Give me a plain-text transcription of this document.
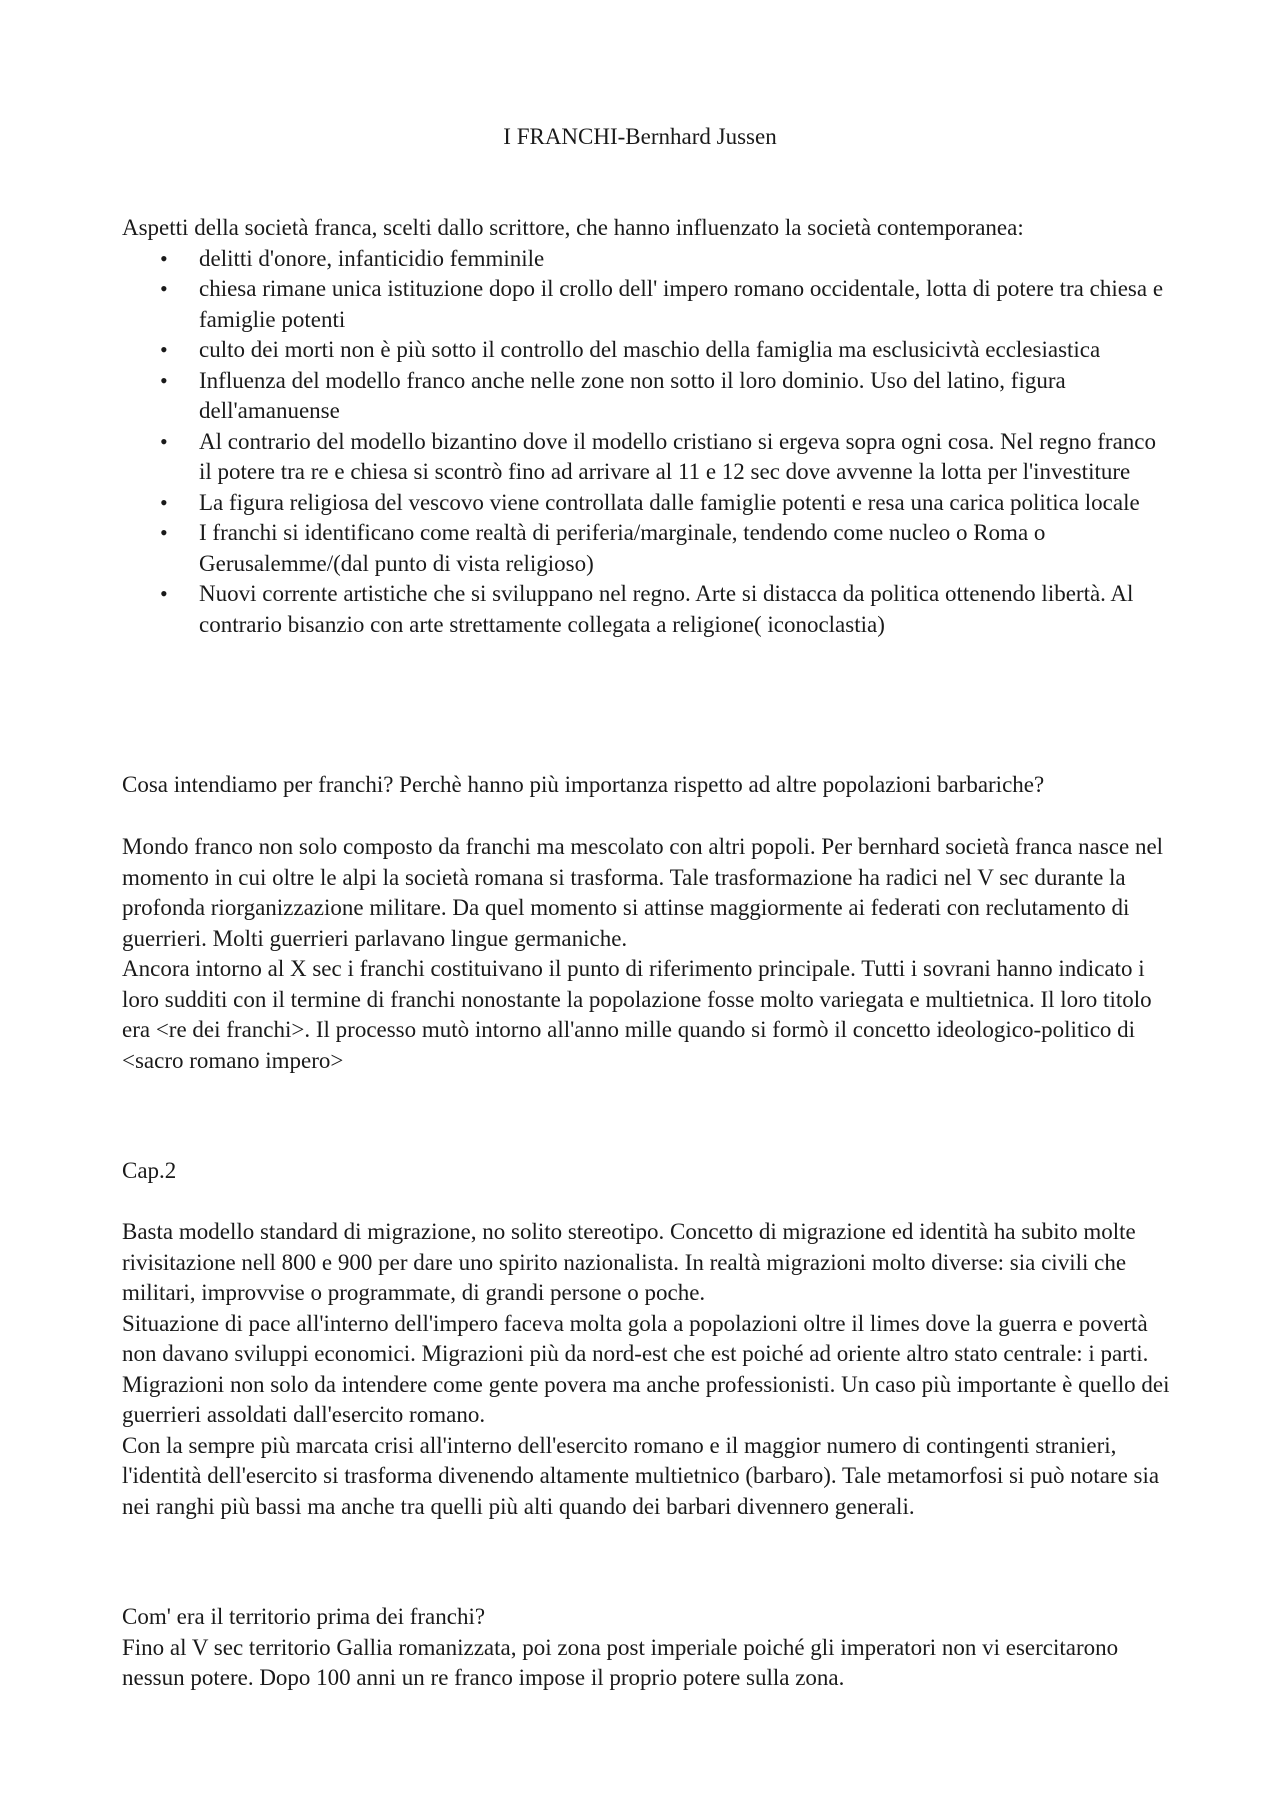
I FRANCHI-Bernhard Jussen

Aspetti della società franca, scelti dallo scrittore, che hanno influenzato la società contemporanea:

• delitti d'onore, infanticidio femminile
• chiesa rimane unica istituzione dopo il crollo dell' impero romano occidentale, lotta di potere tra chiesa e famiglie potenti
• culto dei morti non è più sotto il controllo del maschio della famiglia ma esclusicivtà ecclesiastica
• Influenza del modello franco anche nelle zone non sotto il loro dominio. Uso del latino, figura dell'amanuense
• Al contrario del modello bizantino dove il modello cristiano si ergeva sopra ogni cosa. Nel regno franco il potere tra re e chiesa si scontrò fino ad arrivare al 11 e 12 sec dove avvenne la lotta per l'investiture
• La figura religiosa del vescovo viene controllata dalle famiglie potenti e resa una carica politica locale
• I franchi si identificano come realtà di periferia/marginale, tendendo come nucleo o Roma o Gerusalemme/(dal punto di vista religioso)
• Nuovi corrente artistiche che si sviluppano nel regno. Arte si distacca da politica ottenendo libertà. Al contrario bisanzio con arte strettamente collegata a religione( iconoclastia)

Cosa intendiamo per franchi? Perchè hanno più importanza rispetto ad altre popolazioni barbariche?

Mondo franco non solo composto da franchi ma mescolato con altri popoli. Per bernhard società franca nasce nel momento in cui oltre le alpi la società romana si trasforma. Tale trasformazione ha radici nel V sec durante la profonda riorganizzazione militare. Da quel momento si attinse maggiormente ai federati con reclutamento di guerrieri. Molti guerrieri parlavano lingue germaniche.

Ancora intorno al X sec i franchi costituivano il punto di riferimento principale. Tutti i sovrani hanno indicato i loro sudditi con il termine di franchi nonostante la popolazione fosse molto variegata e multietnica. Il loro titolo era <re dei franchi>. Il processo mutò intorno all'anno mille quando si formò il concetto ideologico-politico di <sacro romano impero>

Cap.2

Basta modello standard di migrazione, no solito stereotipo. Concetto di migrazione ed identità ha subito molte rivisitazione nell 800 e 900 per dare uno spirito nazionalista. In realtà migrazioni molto diverse: sia civili che militari, improvvise o programmate, di grandi persone o poche.

Situazione di pace all'interno dell'impero faceva molta gola a popolazioni oltre il limes dove la guerra e povertà non davano sviluppi economici. Migrazioni più da nord-est che est poiché ad oriente altro stato centrale: i parti.

Migrazioni non solo da intendere come gente povera ma anche professionisti. Un caso più importante è quello dei guerrieri assoldati dall'esercito romano.

Con la sempre più marcata crisi all'interno dell'esercito romano e il maggior numero di contingenti stranieri, l'identità dell'esercito si trasforma divenendo altamente multietnico (barbaro). Tale metamorfosi si può notare sia nei ranghi più bassi ma anche tra quelli più alti quando dei barbari divennero generali.

Com' era il territorio prima dei franchi?

Fino al V sec territorio Gallia romanizzata, poi zona post imperiale poiché gli imperatori non vi esercitarono nessun potere. Dopo 100 anni un re franco impose il proprio potere sulla zona.
